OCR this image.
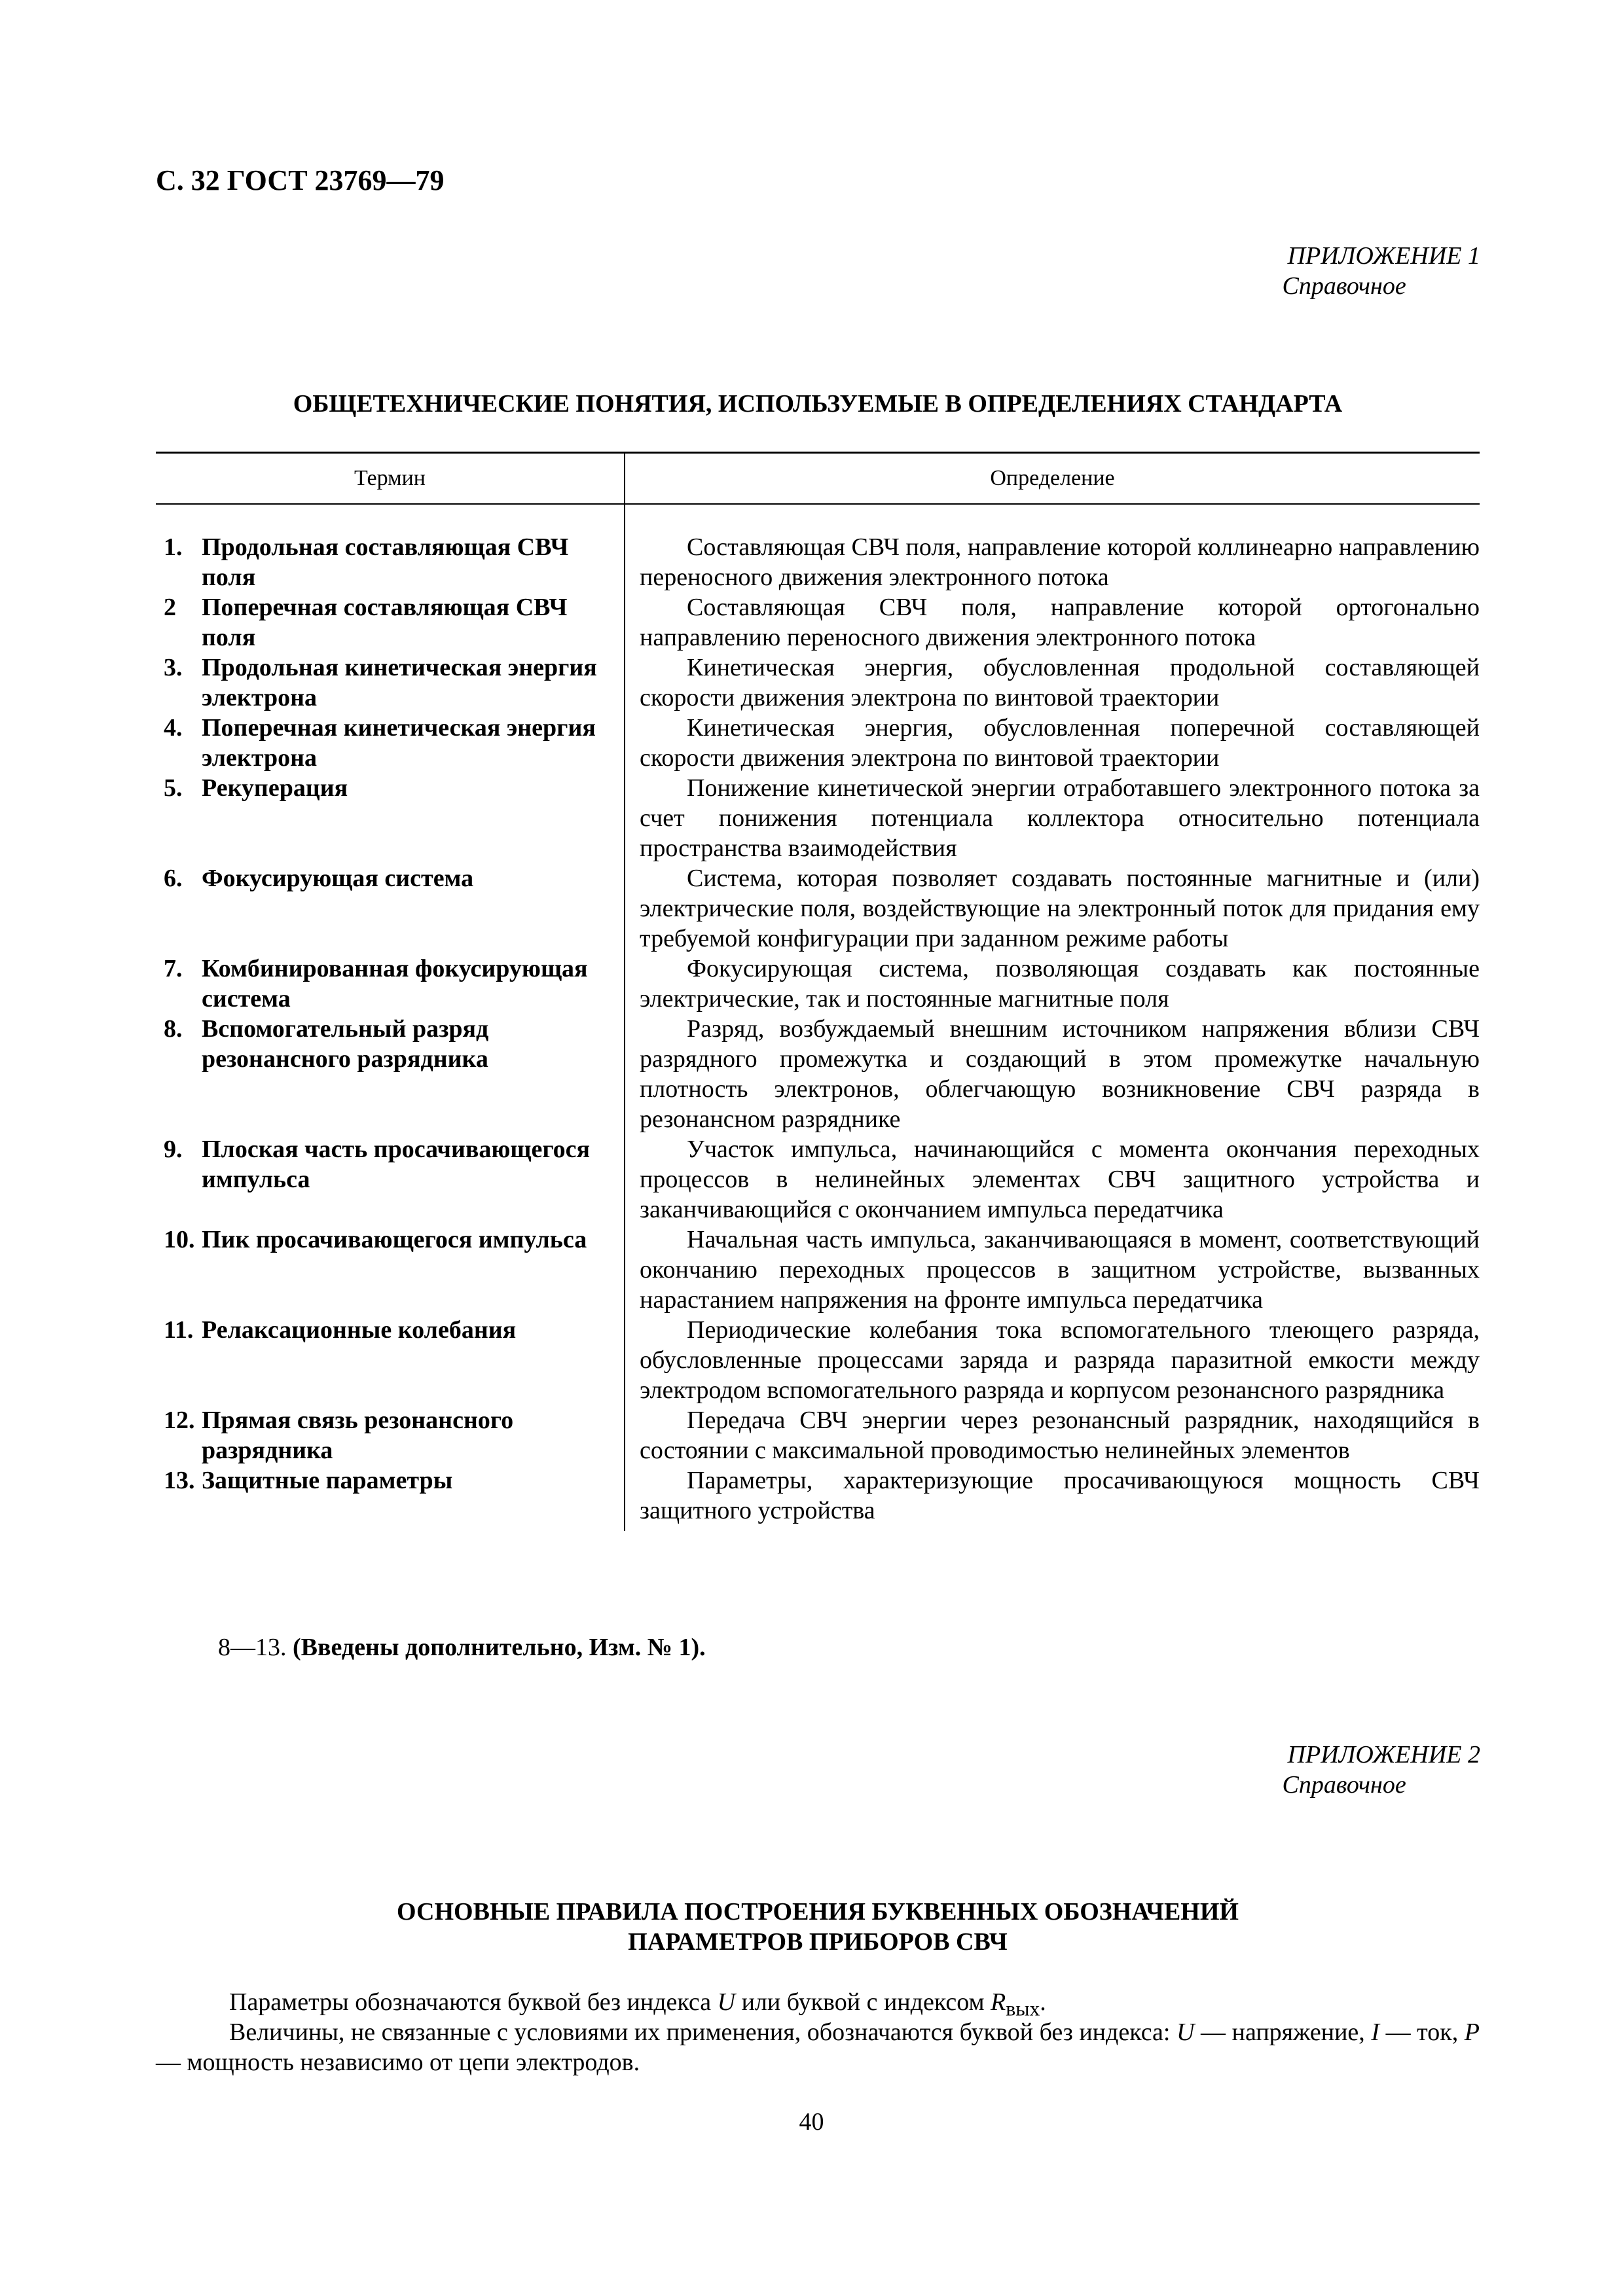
С. 32 ГОСТ 23769—79
ПРИЛОЖЕНИЕ 1
Справочное
ОБЩЕТЕХНИЧЕСКИЕ ПОНЯТИЯ, ИСПОЛЬЗУЕМЫЕ В ОПРЕДЕЛЕНИЯХ СТАНДАРТА
Термин	Определение

1. Продольная составляющая СВЧ поля	Составляющая СВЧ поля, направление которой коллинеарно направлению переносного движения электронного потока

2 Поперечная составляющая СВЧ поля	Составляющая СВЧ поля, направление которой ортогонально направлению переносного движения электронного потока

3. Продольная кинетическая энергия электрона	Кинетическая энергия, обусловленная продольной составляющей скорости движения электрона по винтовой траектории

4. Поперечная кинетическая энергия электрона	Кинетическая энергия, обусловленная поперечной составляющей скорости движения электрона по винтовой траектории

5. Рекуперация	Понижение кинетической энергии отработавшего электронного потока за счет понижения потенциала коллектора относительно потенциала пространства взаимодействия

6. Фокусирующая система	Система, которая позволяет создавать постоянные магнитные и (или) электрические поля, воздействующие на электронный поток для придания ему требуемой конфигурации при заданном режиме работы

7. Комбинированная фокусирующая система	Фокусирующая система, позволяющая создавать как постоянные электрические, так и постоянные магнитные поля

8. Вспомогательный разряд резонансного разрядника	Разряд, возбуждаемый внешним источником напряжения вблизи СВЧ разрядного промежутка и создающий в этом промежутке начальную плотность электронов, облегчающую возникновение СВЧ разряда в резонансном разряднике

9. Плоская часть просачивающегося импульса	Участок импульса, начинающийся с момента окончания переходных процессов в нелинейных элементах СВЧ защитного устройства и заканчивающийся с окончанием импульса передатчика

10. Пик просачивающегося импульса	Начальная часть импульса, заканчивающаяся в момент, соответствующий окончанию переходных процессов в защитном устройстве, вызванных нарастанием напряжения на фронте импульса передатчика

11. Релаксационные колебания	Периодические колебания тока вспомогательного тлеющего разряда, обусловленные процессами заряда и разряда паразитной емкости между электродом вспомогательного разряда и корпусом резонансного разрядника

12. Прямая связь резонансного разрядника	Передача СВЧ энергии через резонансный разрядник, находящийся в состоянии с максимальной проводимостью нелинейных элементов

13. Защитные параметры	Параметры, характеризующие просачивающуюся мощность СВЧ защитного устройства
8—13. (Введены дополнительно, Изм. № 1).
ПРИЛОЖЕНИЕ 2
Справочное
ОСНОВНЫЕ ПРАВИЛА ПОСТРОЕНИЯ БУКВЕННЫХ ОБОЗНАЧЕНИЙ
ПАРАМЕТРОВ ПРИБОРОВ СВЧ
Параметры обозначаются буквой без индекса U или буквой с индексом $R_{вых}$.
Величины, не связанные с условиями их применения, обозначаются буквой без индекса: U — напряжение, I — ток, P — мощность независимо от цепи электродов.
40
